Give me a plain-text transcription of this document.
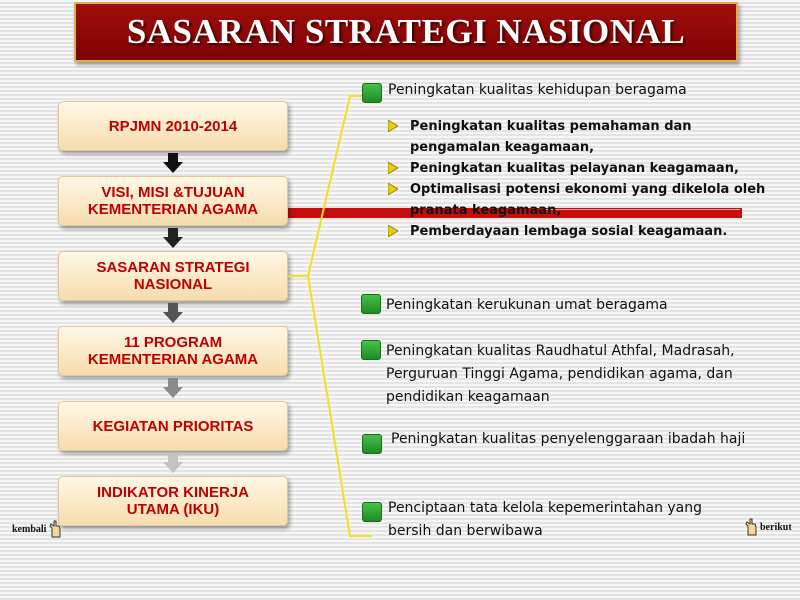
SASARAN STRATEGI NASIONAL
RPJMN 2010-2014
VISI, MISI &TUJUAN
KEMENTERIAN AGAMA
SASARAN STRATEGI
NASIONAL
11 PROGRAM
KEMENTERIAN AGAMA
KEGIATAN PRIORITAS
INDIKATOR KINERJA
UTAMA (IKU)
Peningkatan kualitas kehidupan beragama
Peningkatan kualitas pemahaman dan pengamalan keagamaan,
Peningkatan kualitas pelayanan keagamaan,
Optimalisasi potensi ekonomi yang dikelola oleh pranata keagamaan,
Pemberdayaan lembaga sosial keagamaan.
Peningkatan kerukunan umat beragama
Peningkatan kualitas Raudhatul Athfal, Madrasah, Perguruan Tinggi Agama, pendidikan agama, dan pendidikan keagamaan
Peningkatan kualitas penyelenggaraan ibadah haji
Penciptaan tata kelola kepemerintahan yang bersih dan berwibawa
kembali	berikut
